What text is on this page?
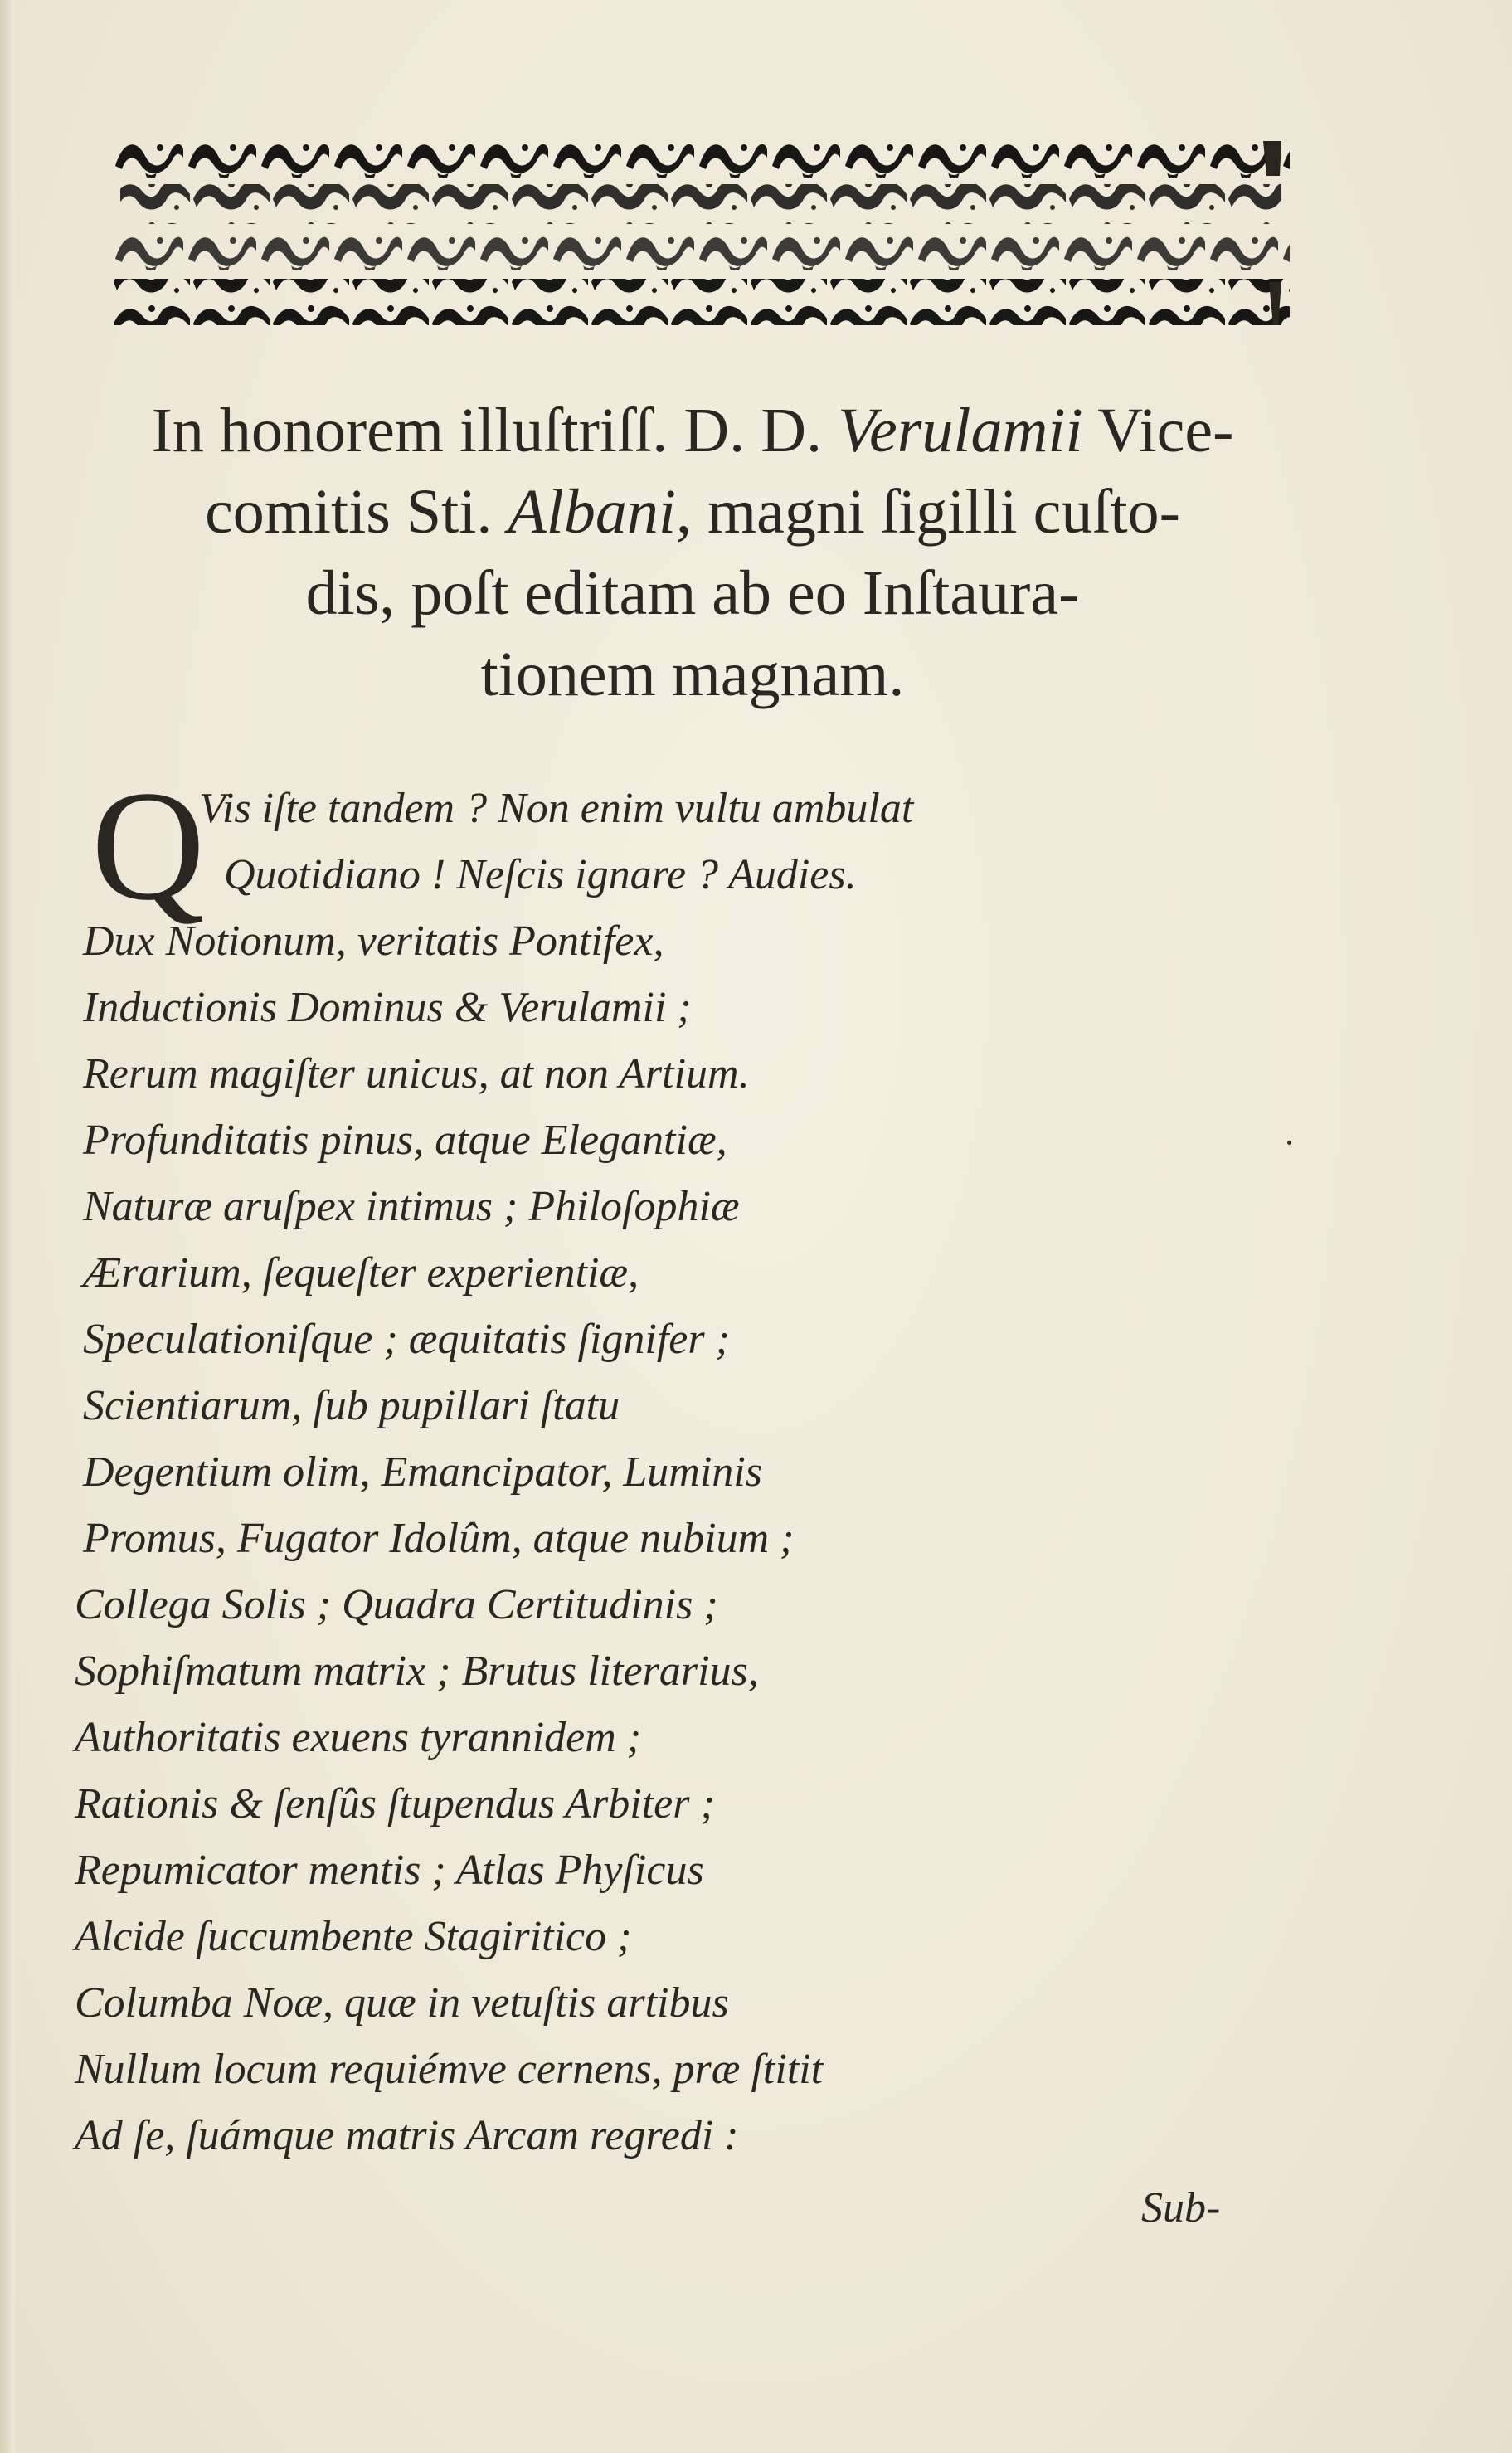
In honorem illuſtriſſ. D. D. Verulamii Vice-
comitis Sti. Albani, magni ſigilli cuſto-
dis, poſt editam ab eo Inſtaura-
tionem magnam.
Q
Vis iſte tandem ? Non enim vultu ambulat
Quotidiano ! Neſcis ignare ? Audies.
Dux Notionum, veritatis Pontifex,
Inductionis Dominus & Verulamii ;
Rerum magiſter unicus, at non Artium.
Profunditatis pinus, atque Elegantiæ,
Naturæ aruſpex intimus ; Philoſophiæ
Ærarium, ſequeſter experientiæ,
Speculationiſque ; æquitatis ſignifer ;
Scientiarum, ſub pupillari ſtatu
Degentium olim, Emancipator, Luminis
Promus, Fugator Idolûm, atque nubium ;
Collega Solis ; Quadra Certitudinis ;
Sophiſmatum matrix ; Brutus literarius,
Authoritatis exuens tyrannidem ;
Rationis & ſenſûs ſtupendus Arbiter ;
Repumicator mentis ; Atlas Phyſicus
Alcide ſuccumbente Stagiritico ;
Columba Noæ, quæ in vetuſtis artibus
Nullum locum requiémve cernens, præ ſtitit
Ad ſe, ſuámque matris Arcam regredi :
Sub-
